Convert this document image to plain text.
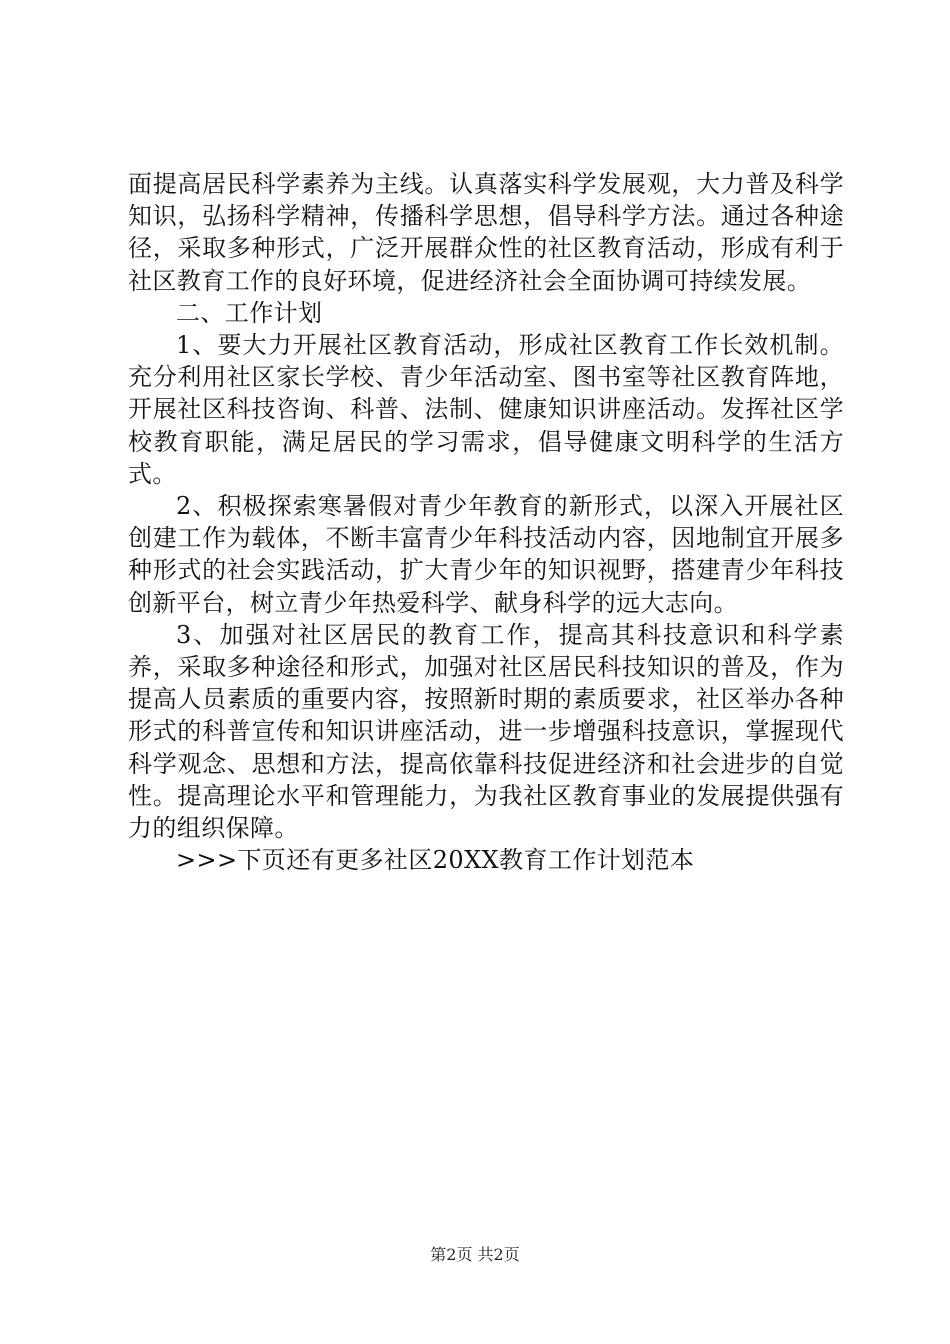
面提高居民科学素养为主线。认真落实科学发展观，大力普及科学知识，弘扬科学精神，传播科学思想，倡导科学方法。通过各种途径，采取多种形式，广泛开展群众性的社区教育活动，形成有利于社区教育工作的良好环境，促进经济社会全面协调可持续发展。

二、工作计划

1、要大力开展社区教育活动，形成社区教育工作长效机制。充分利用社区家长学校、青少年活动室、图书室等社区教育阵地，开展社区科技咨询、科普、法制、健康知识讲座活动。发挥社区学校教育职能，满足居民的学习需求，倡导健康文明科学的生活方式。

2、积极探索寒暑假对青少年教育的新形式，以深入开展社区创建工作为载体，不断丰富青少年科技活动内容，因地制宜开展多种形式的社会实践活动，扩大青少年的知识视野，搭建青少年科技创新平台，树立青少年热爱科学、献身科学的远大志向。

3、加强对社区居民的教育工作，提高其科技意识和科学素养，采取多种途径和形式，加强对社区居民科技知识的普及，作为提高人员素质的重要内容，按照新时期的素质要求，社区举办各种形式的科普宣传和知识讲座活动，进一步增强科技意识，掌握现代科学观念、思想和方法，提高依靠科技促进经济和社会进步的自觉性。提高理论水平和管理能力，为我社区教育事业的发展提供强有力的组织保障。

>>>下页还有更多社区20XX教育工作计划范本

第2页 共2页
